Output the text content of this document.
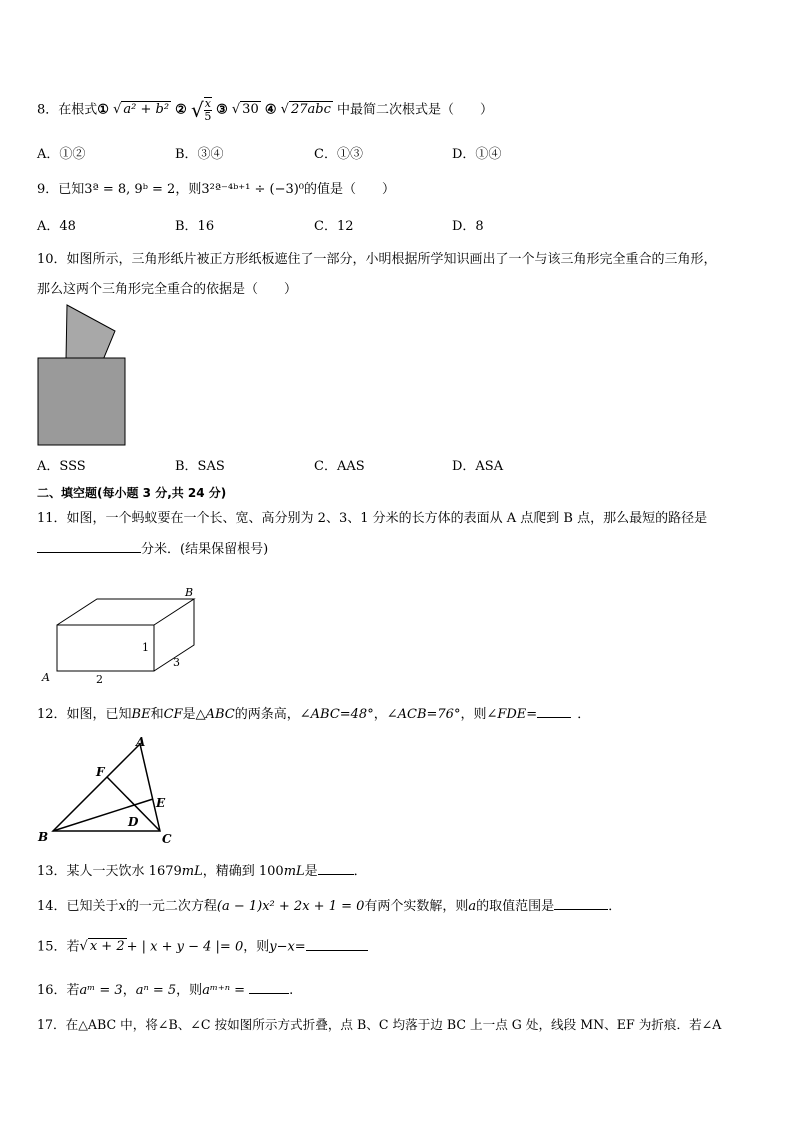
8．在根式① √ a² + b² ② √ $\frac{x}{5}$ ③ √ 30 ④ √ 27abc 中最简二次根式是（　　）
A．①②	B．③④	C．①③	D．①④
9．已知3ª = 8, 9ᵇ = 2，则3²ª⁻⁴ᵇ⁺¹ ÷ (−3)⁰的值是（　　）
A．48	B．16	C．12	D．8
10．如图所示，三角形纸片被正方形纸板遮住了一部分，小明根据所学知识画出了一个与该三角形完全重合的三角形，
那么这两个三角形完全重合的依据是（　　）
A．SSS	B．SAS	C．AAS	D．ASA
二、填空题(每小题 3 分,共 24 分)
11．如图，一个蚂蚁要在一个长、宽、高分别为 2、3、1 分米的长方体的表面从 A 点爬到 B 点，那么最短的路径是
分米．(结果保留根号)
B
A	2
1
3
12．如图，已知BE和CF是△ABC的两条高，∠ABC=48°，∠ACB=76°，则∠FDE=	．
A
F
E
D
B	C
13．某人一天饮水 1679mL，精确到 100mL是	．
14．已知关于x的一元二次方程(a − 1)x² + 2x + 1 = 0有两个实数解，则a的取值范围是	．
15．若√ x + 2 + | x + y − 4 |= 0，则y−x=
16．若aᵐ = 3，aⁿ = 5，则aᵐ⁺ⁿ =	.
17．在△ABC 中，将∠B、∠C 按如图所示方式折叠，点 B、C 均落于边 BC 上一点 G 处，线段 MN、EF 为折痕．若∠A
